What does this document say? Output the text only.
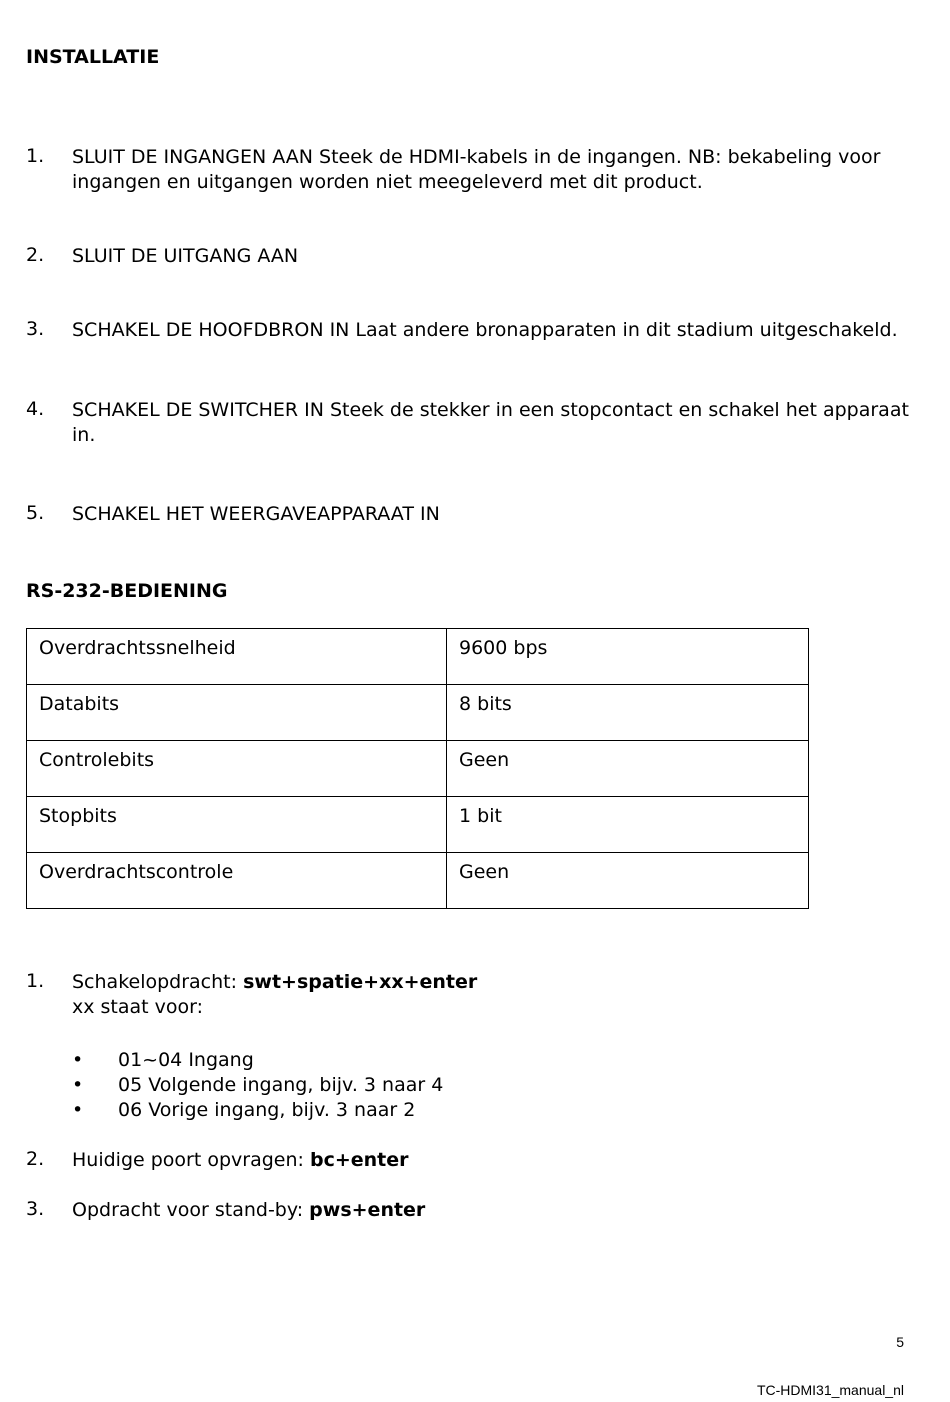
INSTALLATIE
1. SLUIT DE INGANGEN AAN Steek de HDMI-kabels in de ingangen. NB: bekabeling voor
ingangen en uitgangen worden niet meegeleverd met dit product.
2. SLUIT DE UITGANG AAN
3. SCHAKEL DE HOOFDBRON IN Laat andere bronapparaten in dit stadium uitgeschakeld.
4. SCHAKEL DE SWITCHER IN Steek de stekker in een stopcontact en schakel het apparaat
in.
5. SCHAKEL HET WEERGAVEAPPARAAT IN
RS-232-BEDIENING
Overdrachtssnelheid	9600 bps
Databits	8 bits
Controlebits	Geen
Stopbits	1 bit
Overdrachtscontrole	Geen
1. Schakelopdracht: swt+spatie+xx+enter
xx staat voor:
• 01~04 Ingang
• 05 Volgende ingang, bijv. 3 naar 4
• 06 Vorige ingang, bijv. 3 naar 2
2. Huidige poort opvragen: bc+enter
3. Opdracht voor stand-by: pws+enter
5
TC-HDMI31_manual_nl
